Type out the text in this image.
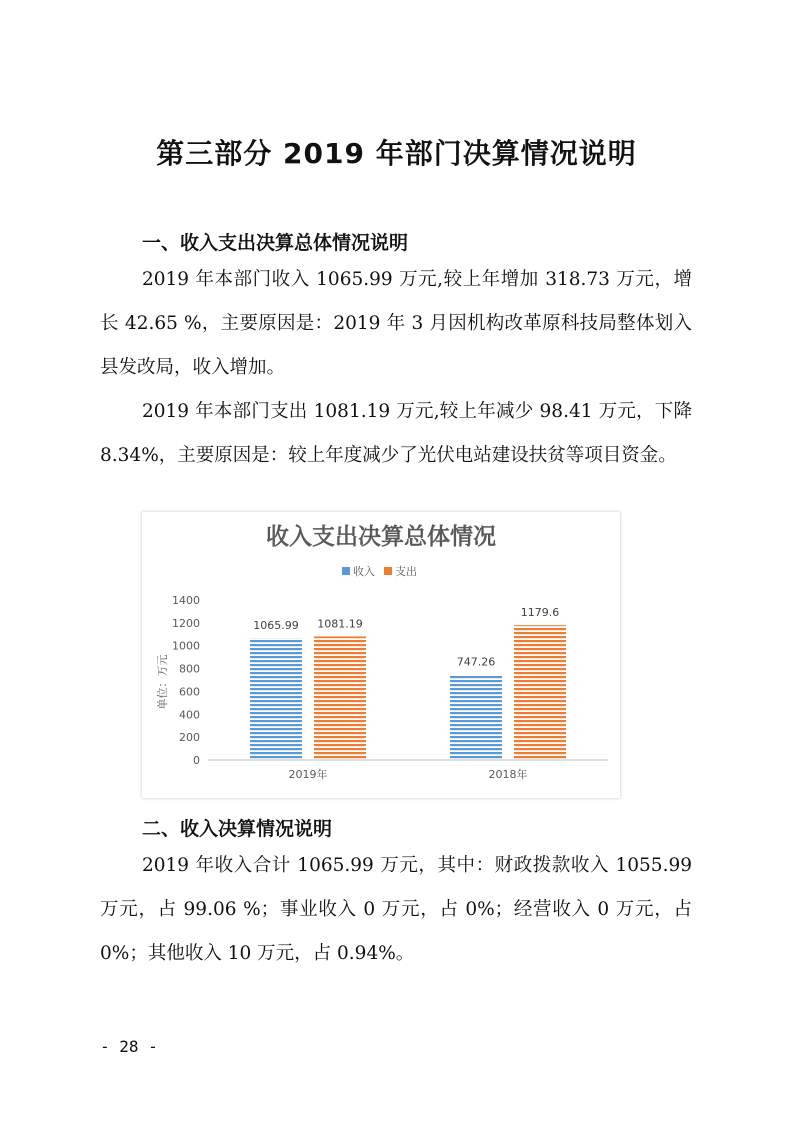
第三部分 2019 年部门决算情况说明
一、收入支出决算总体情况说明
2019 年本部门收入 1065.99 万元,较上年增加 318.73 万元，增长 42.65 %，主要原因是：2019 年 3 月因机构改革原科技局整体划入县发改局，收入增加。
2019 年本部门支出 1081.19 万元,较上年减少 98.41 万元，下降 8.34%，主要原因是：较上年度减少了光伏电站建设扶贫等项目资金。
收入支出决算总体情况
收入 支出
0
200
400
600
800
1000
1200
1400
1065.99 1081.19
747.26
1179.6
2019年	2018年
单位：万元
二、收入决算情况说明
2019 年收入合计 1065.99 万元，其中：财政拨款收入 1055.99 万元，占 99.06 %；事业收入 0 万元，占 0%；经营收入 0 万元，占 0%；其他收入 10 万元，占 0.94%。
- 28 -
